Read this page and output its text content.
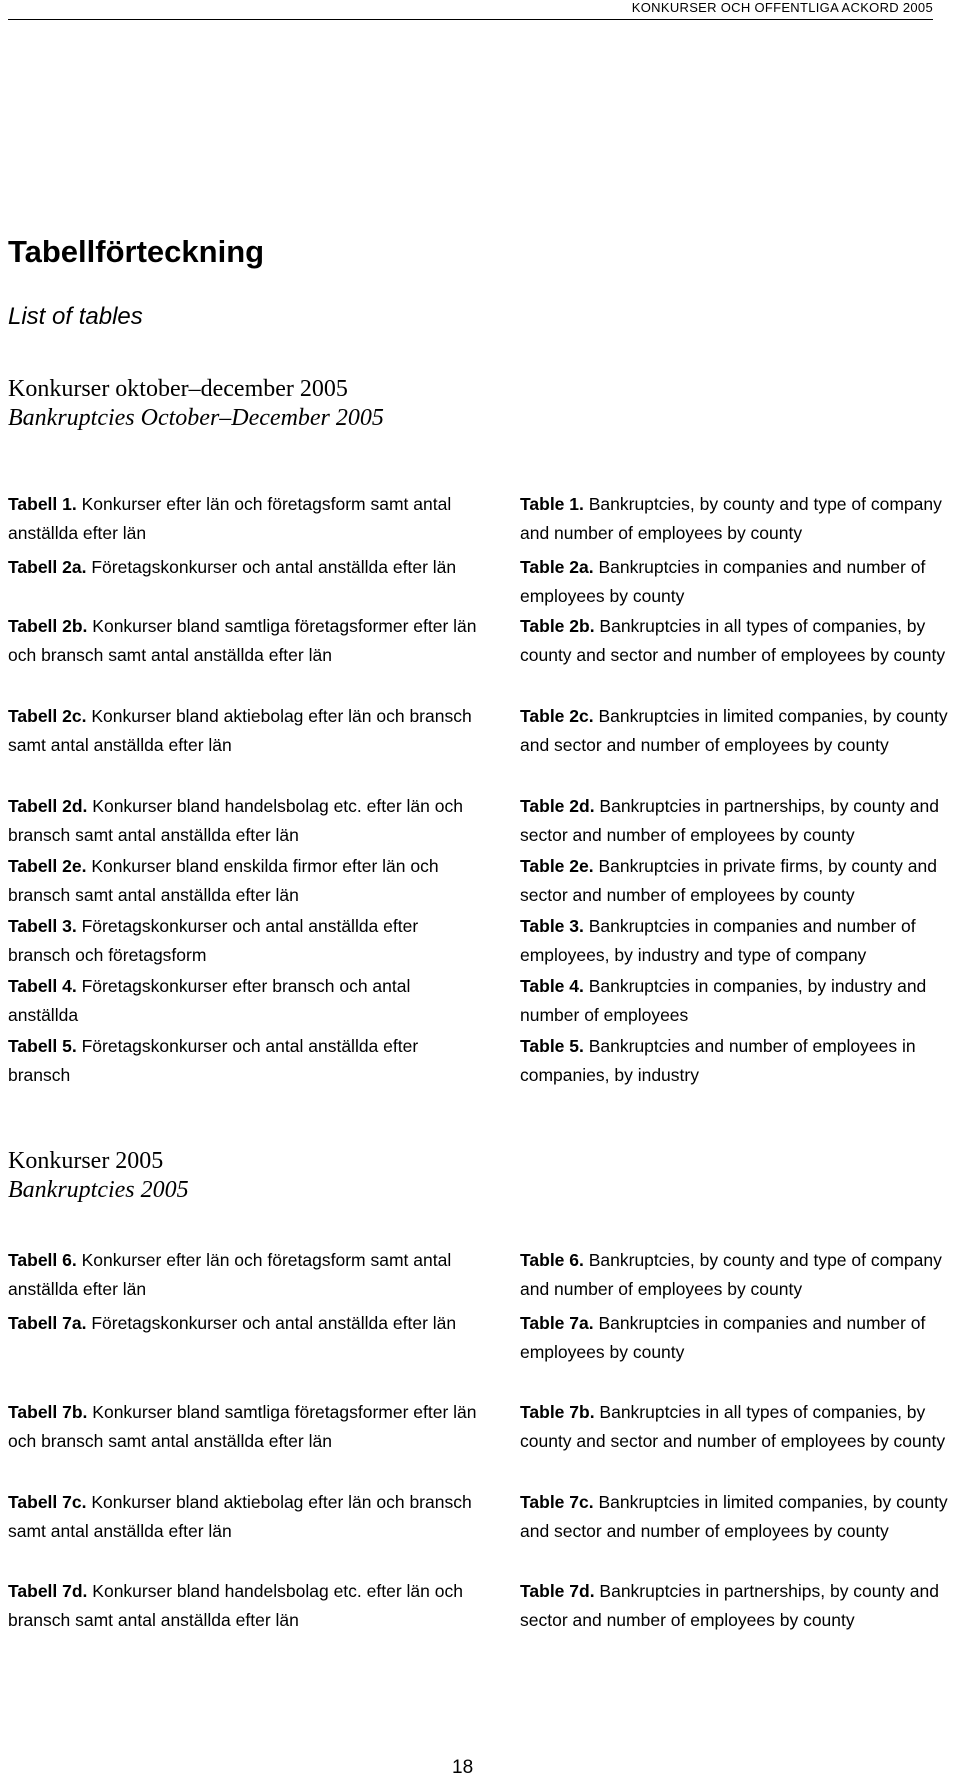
KONKURSER OCH OFFENTLIGA ACKORD 2005
Tabellförteckning
List of tables
Konkurser oktober–december 2005
Bankruptcies October–December 2005
Tabell 1. Konkurser efter län och företagsform samt antal anställda efter län
Table 1. Bankruptcies, by county and type of company and number of employees by county
Tabell 2a. Företagskonkurser och antal anställda efter län	Table 2a. Bankruptcies in companies and number of employees by county
Tabell 2b. Konkurser bland samtliga företagsformer efter län och bransch samt antal anställda efter län
Table 2b. Bankruptcies in all types of companies, by county and sector and number of employees by county
Tabell 2c. Konkurser bland aktiebolag efter län och bransch samt antal anställda efter län
Table 2c. Bankruptcies in limited companies, by county and sector and number of employees by county
Tabell 2d. Konkurser bland handelsbolag etc. efter län och bransch samt antal anställda efter län
Table 2d. Bankruptcies in partnerships, by county and sector and number of employees by county
Tabell 2e. Konkurser bland enskilda firmor efter län och bransch samt antal anställda efter län
Table 2e. Bankruptcies in private firms, by county and sector and number of employees by county
Tabell 3. Företagskonkurser och antal anställda efter bransch och företagsform
Table 3. Bankruptcies in companies and number of employees, by industry and type of company
Tabell 4. Företagskonkurser efter bransch och antal anställda
Table 4. Bankruptcies in companies, by industry and number of employees
Tabell 5. Företagskonkurser och antal anställda efter bransch
Table 5. Bankruptcies and number of employees in companies, by industry
Konkurser 2005
Bankruptcies 2005
Tabell 6. Konkurser efter län och företagsform samt antal anställda efter län
Table 6. Bankruptcies, by county and type of company and number of employees by county
Tabell 7a. Företagskonkurser och antal anställda efter län	Table 7a. Bankruptcies in companies and number of employees by county
Tabell 7b. Konkurser bland samtliga företagsformer efter län och bransch samt antal anställda efter län
Table 7b. Bankruptcies in all types of companies, by county and sector and number of employees by county
Tabell 7c. Konkurser bland aktiebolag efter län och bransch samt antal anställda efter län
Table 7c. Bankruptcies in limited companies, by county and sector and number of employees by county
Tabell 7d. Konkurser bland handelsbolag etc. efter län och bransch samt antal anställda efter län
Table 7d. Bankruptcies in partnerships, by county and sector and number of employees by county
18
